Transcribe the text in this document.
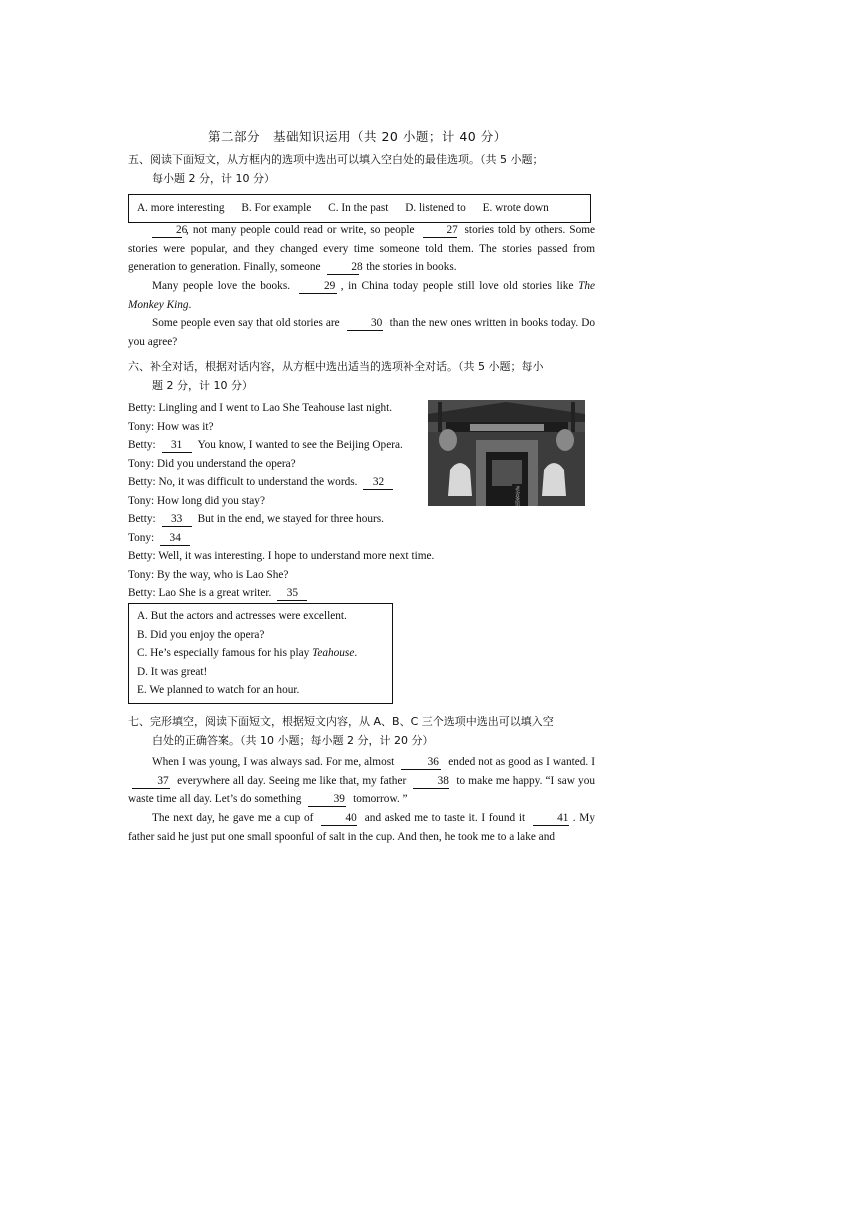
第二部分　基础知识运用（共 20 小题；计 40 分）
五、阅读下面短文，从方框内的选项中选出可以填入空白处的最佳选项。（共 5 小题；
每小题 2 分，计 10 分）
A. more interesting B. For example C. In the past D. listened to E. wrote down
26, not many people could read or write, so people	27 stories told by others. Some stories were popular, and they changed every time someone told them. The stories passed from generation to generation. Finally, someone	28 the stories in books.
Many people love the books.	29 , in China today people still love old stories like The Monkey King.
Some people even say that old stories are	30 than the new ones written in books today. Do you agree?
六、补全对话，根据对话内容，从方框中选出适当的选项补全对话。（共 5 小题；每小
题 2 分，计 10 分）
老舍茶馆
Betty: Lingling and I went to Lao She Teahouse last night.
Tony: How was it?
Betty: 31 You know, I wanted to see the Beijing Opera.
Tony: Did you understand the opera?
Betty: No, it was difficult to understand the words. 32
Tony: How long did you stay?
Betty: 33 But in the end, we stayed for three hours.
Tony: 34
Betty: Well, it was interesting. I hope to understand more next time.
Tony: By the way, who is Lao She?
Betty: Lao She is a great writer. 35
A. But the actors and actresses were excellent.
B. Did you enjoy the opera?
C. He’s especially famous for his play Teahouse.
D. It was great!
E. We planned to watch for an hour.
七、完形填空，阅读下面短文，根据短文内容，从 A、B、C 三个选项中选出可以填入空
白处的正确答案。（共 10 小题；每小题 2 分，计 20 分）
When I was young, I was always sad. For me, almost	36 ended not as good as I wanted. I 37 everywhere all day. Seeing me like that, my father	38 to make me happy. “I saw you waste time all day. Let’s do something	39 tomorrow. ”
The next day, he gave me a cup of	40 and asked me to taste it. I found it	41 . My father said he just put one small spoonful of salt in the cup. And then, he took me to a lake and
